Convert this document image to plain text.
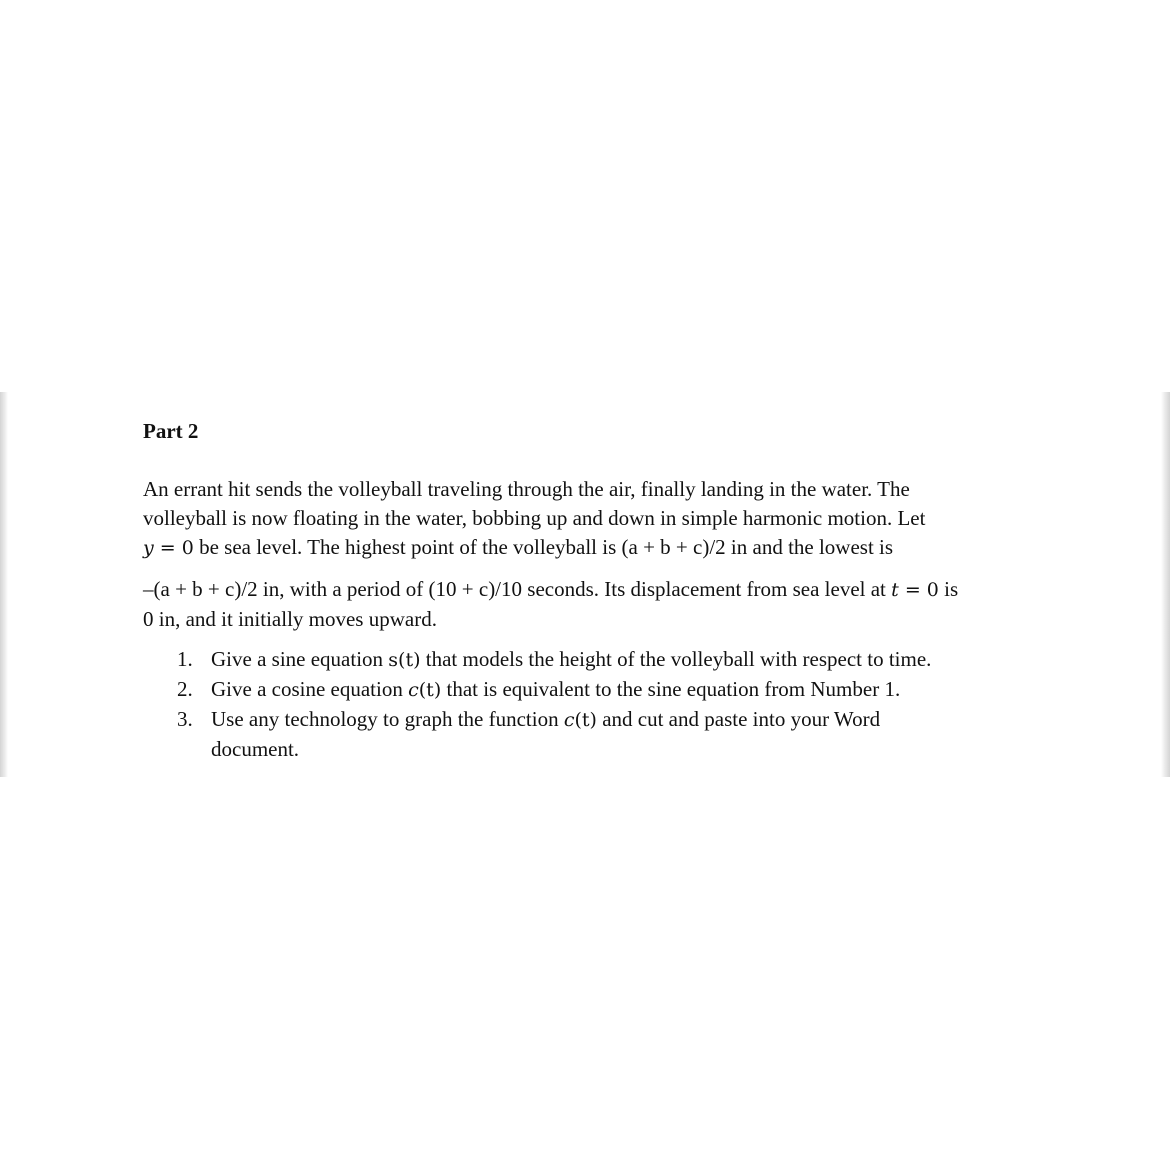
Part 2

An errant hit sends the volleyball traveling through the air, finally landing in the water. The
volleyball is now floating in the water, bobbing up and down in simple harmonic motion. Let
y = 0 be sea level. The highest point of the volleyball is (a + b + c)/2 in and the lowest is

–(a + b + c)/2 in, with a period of (10 + c)/10 seconds. Its displacement from sea level at t = 0 is
0 in, and it initially moves upward.

1. Give a sine equation s(t) that models the height of the volleyball with respect to time.
2. Give a cosine equation c(t) that is equivalent to the sine equation from Number 1.
3. Use any technology to graph the function c(t) and cut and paste into your Word
document.
